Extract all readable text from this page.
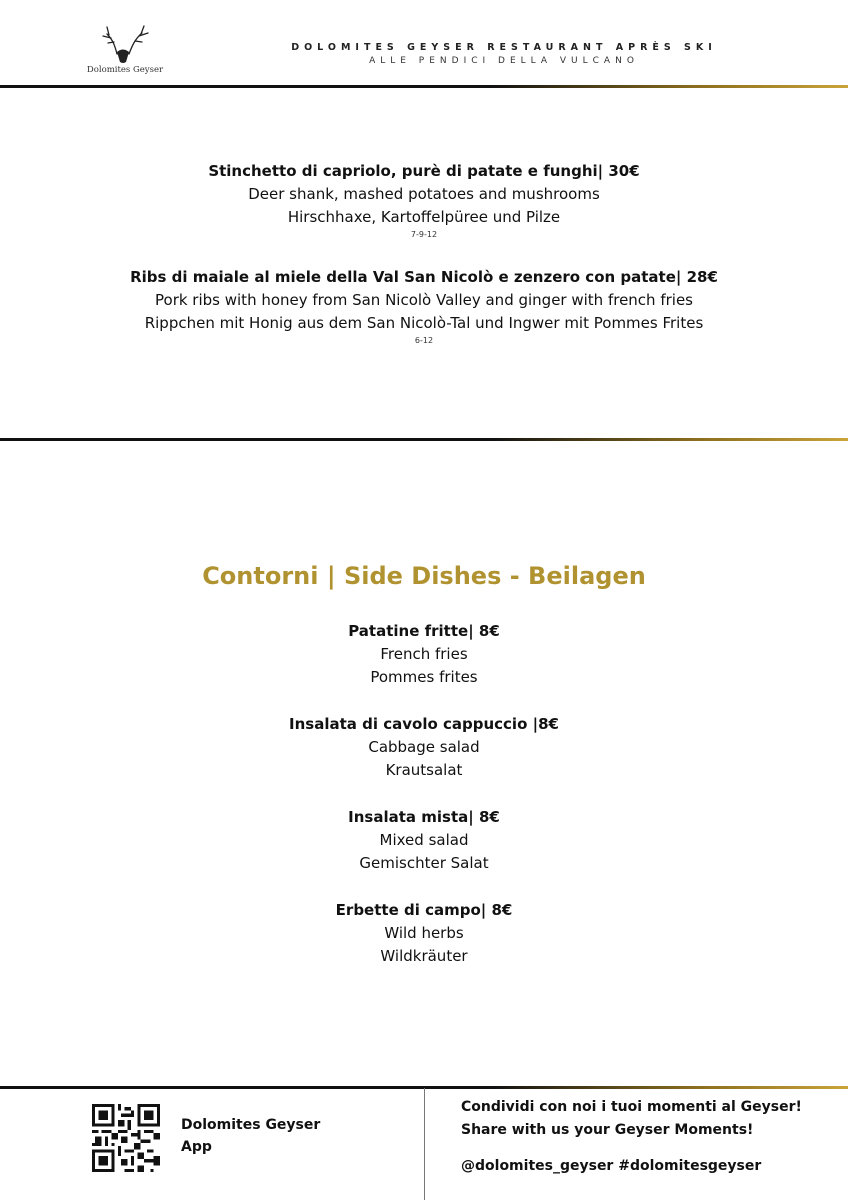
Dolomites Geyser
DOLOMITES GEYSER RESTAURANT APRÈS SKI
ALLE PENDICI DELLA VULCANO
Stinchetto di capriolo, purè di patate e funghi| 30€
Deer shank, mashed potatoes and mushrooms
Hirschhaxe, Kartoffelpüree und Pilze
7-9-12
Ribs di maiale al miele della Val San Nicolò e zenzero con patate| 28€
Pork ribs with honey from San Nicolò Valley and ginger with french fries
Rippchen mit Honig aus dem San Nicolò-Tal und Ingwer mit Pommes Frites
6-12
Contorni | Side Dishes - Beilagen
Patatine fritte| 8€
French fries
Pommes frites
Insalata di cavolo cappuccio |8€
Cabbage salad
Krautsalat
Insalata mista| 8€
Mixed salad
Gemischter Salat
Erbette di campo| 8€
Wild herbs
Wildkräuter
Dolomites Geyser
App
Condividi con noi i tuoi momenti al Geyser!
Share with us your Geyser Moments!
@dolomites_geyser #dolomitesgeyser
